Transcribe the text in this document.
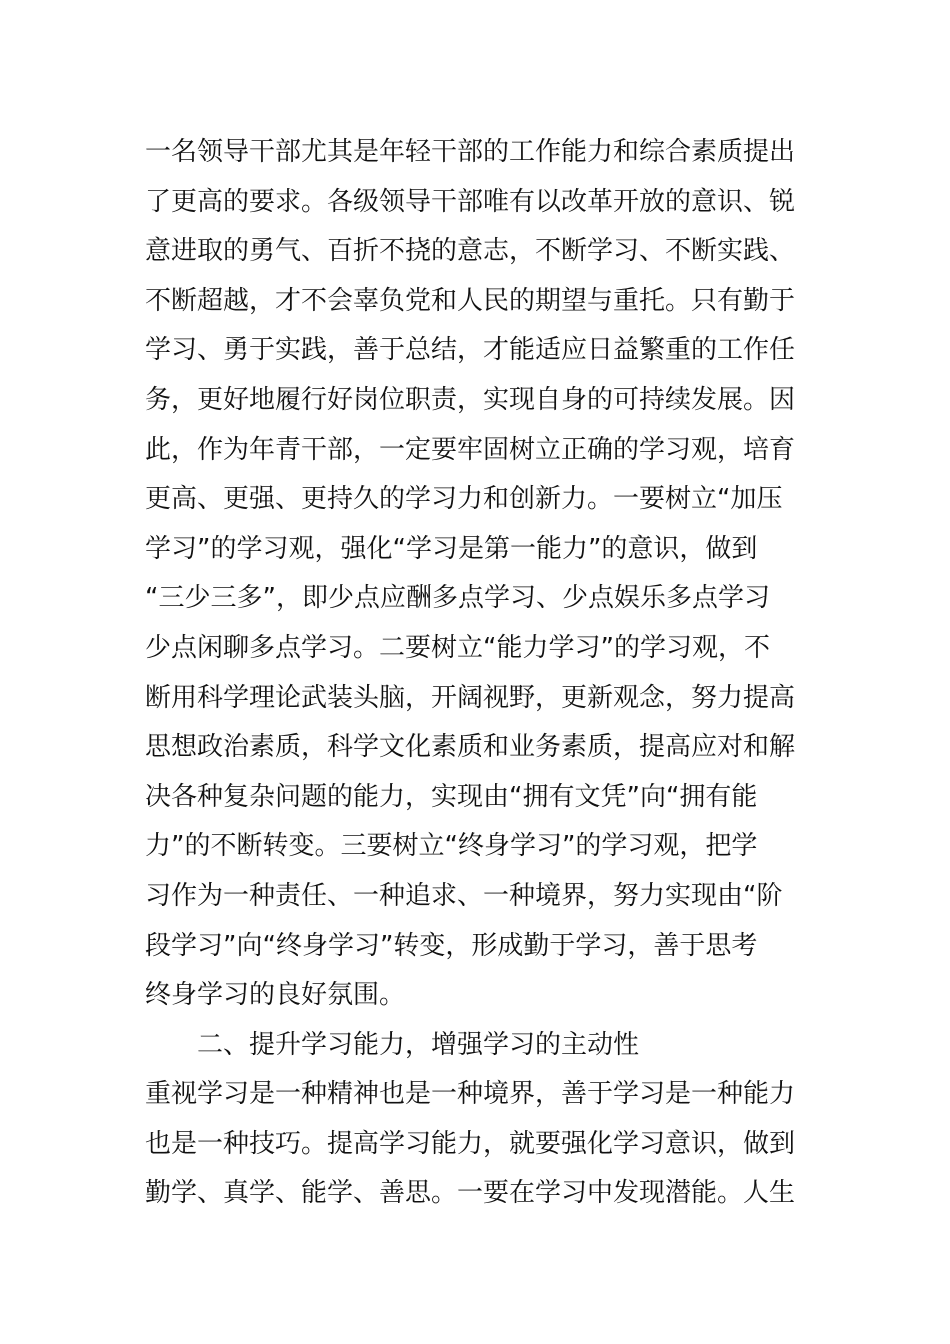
一名领导干部尤其是年轻干部的工作能力和综合素质提出
了更高的要求。各级领导干部唯有以改革开放的意识、锐
意进取的勇气、百折不挠的意志，不断学习、不断实践、
不断超越，才不会辜负党和人民的期望与重托。只有勤于
学习、勇于实践，善于总结，才能适应日益繁重的工作任
务，更好地履行好岗位职责，实现自身的可持续发展。因
此，作为年青干部，一定要牢固树立正确的学习观，培育
更高、更强、更持久的学习力和创新力。一要树立“加压
学习”的学习观，强化“学习是第一能力”的意识，做到
“三少三多”，即少点应酬多点学习、少点娱乐多点学习
少点闲聊多点学习。二要树立“能力学习”的学习观，不
断用科学理论武装头脑，开阔视野，更新观念，努力提高
思想政治素质，科学文化素质和业务素质，提高应对和解
决各种复杂问题的能力，实现由“拥有文凭”向“拥有能
力”的不断转变。三要树立“终身学习”的学习观，把学
习作为一种责任、一种追求、一种境界，努力实现由“阶
段学习”向“终身学习”转变，形成勤于学习，善于思考
终身学习的良好氛围。
二、提升学习能力，增强学习的主动性
重视学习是一种精神也是一种境界，善于学习是一种能力
也是一种技巧。提高学习能力，就要强化学习意识，做到
勤学、真学、能学、善思。一要在学习中发现潜能。人生
